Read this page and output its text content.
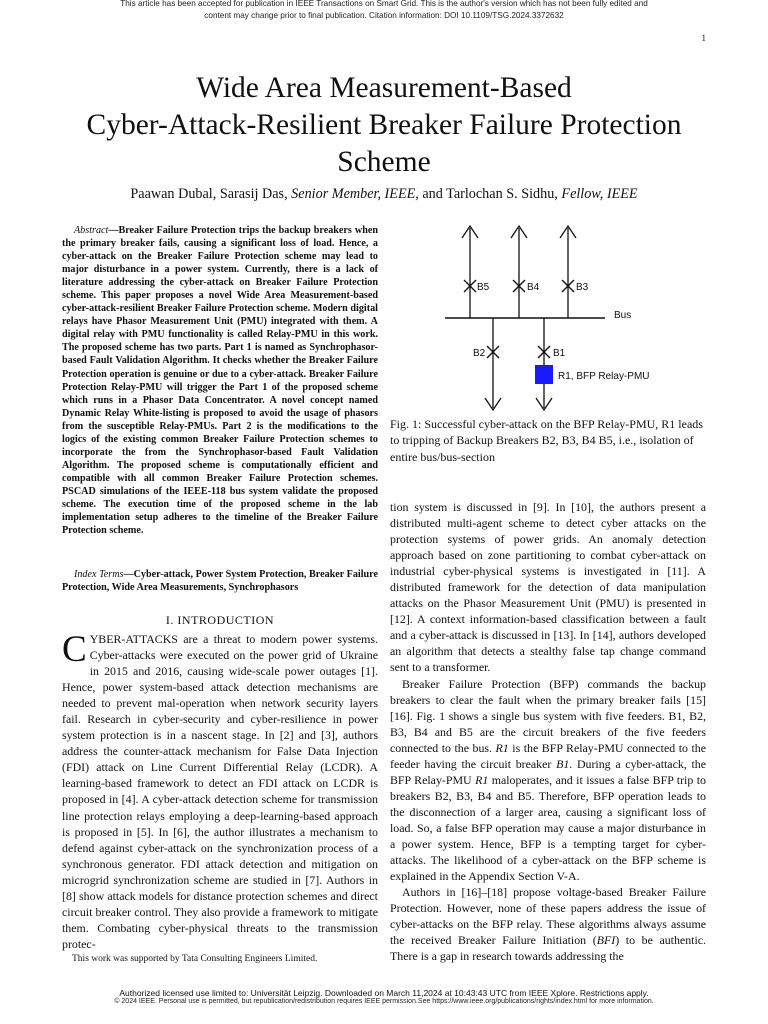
This article has been accepted for publication in IEEE Transactions on Smart Grid. This is the author's version which has not been fully edited and
content may change prior to final publication. Citation information: DOI 10.1109/TSG.2024.3372632
1
Wide Area Measurement-Based
Cyber-Attack-Resilient Breaker Failure Protection
Scheme
Paawan Dubal, Sarasij Das, Senior Member, IEEE, and Tarlochan S. Sidhu, Fellow, IEEE
Abstract—Breaker Failure Protection trips the backup breakers when the primary breaker fails, causing a significant loss of load. Hence, a cyber-attack on the Breaker Failure Protection scheme may lead to major disturbance in a power system. Currently, there is a lack of literature addressing the cyber-attack on Breaker Failure Protection scheme. This paper proposes a novel Wide Area Measurement-based cyber-attack-resilient Breaker Failure Protection scheme. Modern digital relays have Phasor Measurement Unit (PMU) integrated with them. A digital relay with PMU functionality is called Relay-PMU in this work. The proposed scheme has two parts. Part 1 is named as Synchrophasor-based Fault Validation Algorithm. It checks whether the Breaker Failure Protection operation is genuine or due to a cyber-attack. Breaker Failure Protection Relay-PMU will trigger the Part 1 of the proposed scheme which runs in a Phasor Data Concentrator. A novel concept named Dynamic Relay White-listing is proposed to avoid the usage of phasors from the susceptible Relay-PMUs. Part 2 is the modifications to the logics of the existing common Breaker Failure Protection schemes to incorporate the from the Synchrophasor-based Fault Validation Algorithm. The proposed scheme is computationally efficient and compatible with all common Breaker Failure Protection schemes. PSCAD simulations of the IEEE-118 bus system validate the proposed scheme. The execution time of the proposed scheme in the lab implementation setup adheres to the timeline of the Breaker Failure Protection scheme.
Index Terms—Cyber-attack, Power System Protection, Breaker Failure Protection, Wide Area Measurements, Synchrophasors
I. INTRODUCTION
CYBER-ATTACKS are a threat to modern power systems. Cyber-attacks were executed on the power grid of Ukraine in 2015 and 2016, causing wide-scale power outages [1]. Hence, power system-based attack detection mechanisms are needed to prevent mal-operation when network security layers fail. Research in cyber-security and cyber-resilience in power system protection is in a nascent stage. In [2] and [3], authors address the counter-attack mechanism for False Data Injection (FDI) attack on Line Current Differential Relay (LCDR). A learning-based framework to detect an FDI attack on LCDR is proposed in [4]. A cyber-attack detection scheme for transmission line protection relays employing a deep-learning-based approach is proposed in [5]. In [6], the author illustrates a mechanism to defend against cyber-attack on the synchronization process of a synchronous generator. FDI attack detection and mitigation on microgrid synchronization scheme are studied in [7]. Authors in [8] show attack models for distance protection schemes and direct circuit breaker control. They also provide a framework to mitigate them. Combating cyber-physical threats to the transmission protec-
This work was supported by Tata Consulting Engineers Limited.
B5	B4	B3
Bus
B2	B1
R1, BFP Relay-PMU
Fig. 1: Successful cyber-attack on the BFP Relay-PMU, R1 leads to tripping of Backup Breakers B2, B3, B4 B5, i.e., isolation of entire bus/bus-section

tion system is discussed in [9]. In [10], the authors present a distributed multi-agent scheme to detect cyber attacks on the protection systems of power grids. An anomaly detection approach based on zone partitioning to combat cyber-attack on industrial cyber-physical systems is investigated in [11]. A distributed framework for the detection of data manipulation attacks on the Phasor Measurement Unit (PMU) is presented in [12]. A context information-based classification between a fault and a cyber-attack is discussed in [13]. In [14], authors developed an algorithm that detects a stealthy false tap change command sent to a transformer.

Breaker Failure Protection (BFP) commands the backup breakers to clear the fault when the primary breaker fails [15] [16]. Fig. 1 shows a single bus system with five feeders. B1, B2, B3, B4 and B5 are the circuit breakers of the five feeders connected to the bus. R1 is the BFP Relay-PMU connected to the feeder having the circuit breaker B1. During a cyber-attack, the BFP Relay-PMU R1 maloperates, and it issues a false BFP trip to breakers B2, B3, B4 and B5. Therefore, BFP operation leads to the disconnection of a larger area, causing a significant loss of load. So, a false BFP operation may cause a major disturbance in a power system. Hence, BFP is a tempting target for cyber-attacks. The likelihood of a cyber-attack on the BFP scheme is explained in the Appendix Section V-A.

Authors in [16]–[18] propose voltage-based Breaker Failure Protection. However, none of these papers address the issue of cyber-attacks on the BFP relay. These algorithms always assume the received Breaker Failure Initiation (BFI) to be authentic. There is a gap in research towards addressing the

Authorized licensed use limited to: Universität Leipzig. Downloaded on March 11,2024 at 10:43:43 UTC from IEEE Xplore. Restrictions apply.
© 2024 IEEE. Personal use is permitted, but republication/redistribution requires IEEE permission.See https://www.ieee.org/publications/rights/index.html for more information.
